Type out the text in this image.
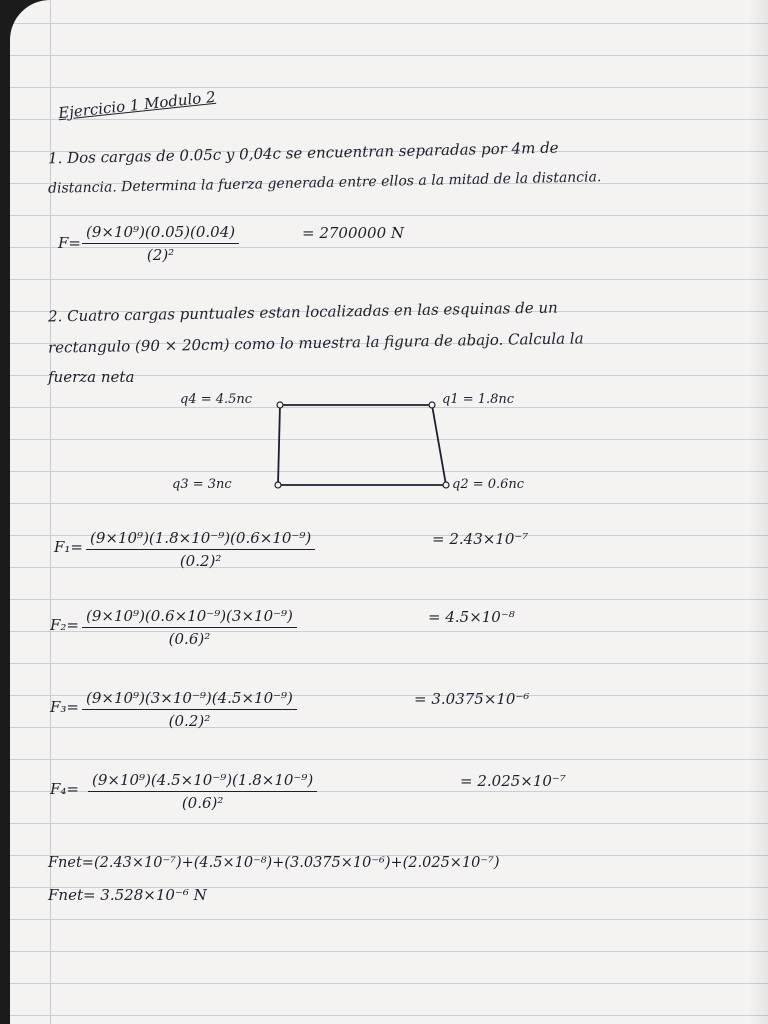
Ejercicio 1 Modulo 2
1. Dos cargas de 0.05c y 0,04c se encuentran separadas por 4m de
distancia. Determina la fuerza generada entre ellos a la mitad de la distancia.
$F= \frac{\text{(9×10⁹)(0.05)(0.04)}}{\text{(2)²}}$	= 2700000 N
2. Cuatro cargas puntuales estan localizadas en las esquinas de un
rectangulo (90 × 20cm) como lo muestra la figura de abajo. Calcula la
fuerza neta
q4 = 4.5nc	q1 = 1.8nc
q3 = 3nc	q2 = 0.6nc
$F_1= \frac{\text{(9×10⁹)(1.8×10⁻⁹)(0.6×10⁻⁹)}}{\text{(0.2)²}}$	= 2.43×10⁻⁷
$F_2= \frac{\text{(9×10⁹)(0.6×10⁻⁹)(3×10⁻⁹)}}{\text{(0.6)²}}$	= 4.5×10⁻⁸
$F_3= \frac{\text{(9×10⁹)(3×10⁻⁹)(4.5×10⁻⁹)}}{\text{(0.2)²}}$	= 3.0375×10⁻⁶
$F_4= \frac{\text{(9×10⁹)(4.5×10⁻⁹)(1.8×10⁻⁹)}}{\text{(0.6)²}}$	= 2.025×10⁻⁷
Fnet=(2.43×10⁻⁷)+(4.5×10⁻⁸)+(3.0375×10⁻⁶)+(2.025×10⁻⁷)
Fnet= 3.528×10⁻⁶ N
